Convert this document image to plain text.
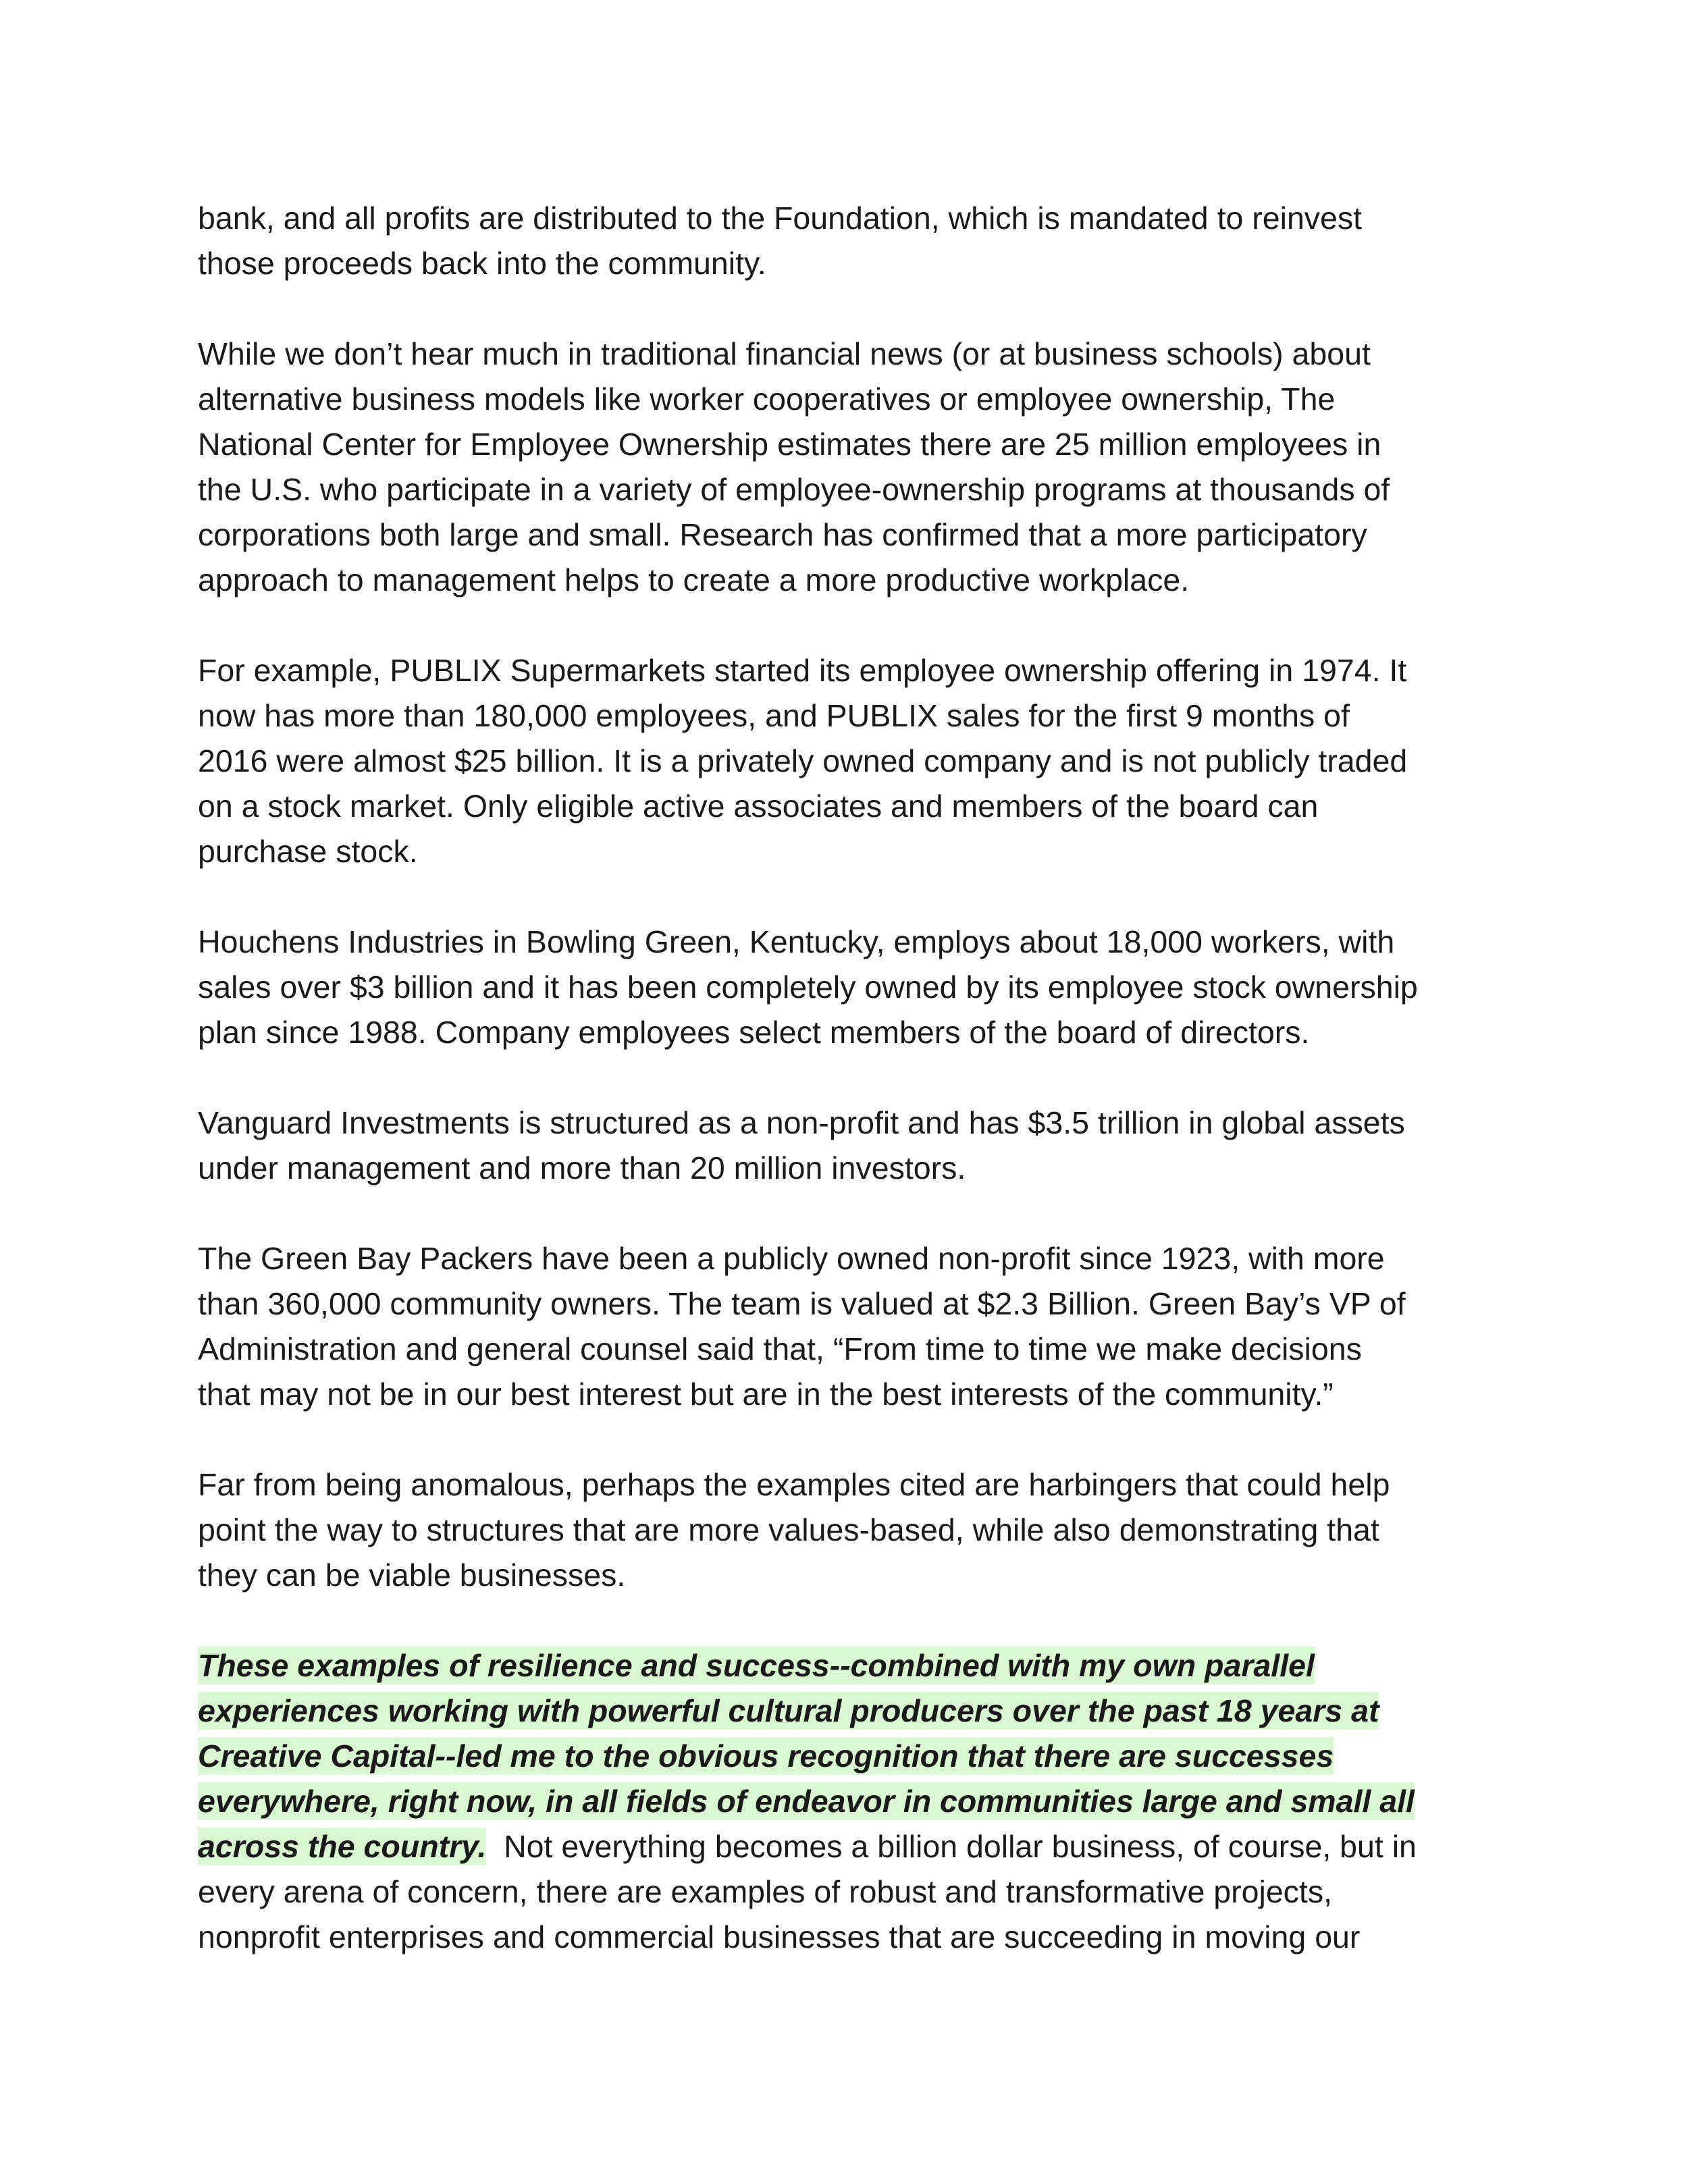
bank, and all profits are distributed to the Foundation, which is mandated to reinvest
those proceeds back into the community.
While we don’t hear much in traditional financial news (or at business schools) about
alternative business models like worker cooperatives or employee ownership, The
National Center for Employee Ownership estimates there are 25 million employees in
the U.S. who participate in a variety of employee-ownership programs at thousands of
corporations both large and small. Research has confirmed that a more participatory
approach to management helps to create a more productive workplace.
For example, PUBLIX Supermarkets started its employee ownership offering in 1974. It
now has more than 180,000 employees, and PUBLIX sales for the first 9 months of
2016 were almost $25 billion. It is a privately owned company and is not publicly traded
on a stock market. Only eligible active associates and members of the board can
purchase stock.
Houchens Industries in Bowling Green, Kentucky, employs about 18,000 workers, with
sales over $3 billion and it has been completely owned by its employee stock ownership
plan since 1988. Company employees select members of the board of directors.
Vanguard Investments is structured as a non-profit and has $3.5 trillion in global assets
under management and more than 20 million investors.
The Green Bay Packers have been a publicly owned non-profit since 1923, with more
than 360,000 community owners. The team is valued at $2.3 Billion. Green Bay’s VP of
Administration and general counsel said that, “From time to time we make decisions
that may not be in our best interest but are in the best interests of the community.”
Far from being anomalous, perhaps the examples cited are harbingers that could help
point the way to structures that are more values-based, while also demonstrating that
they can be viable businesses.
These examples of resilience and success--combined with my own parallel
experiences working with powerful cultural producers over the past 18 years at
Creative Capital--led me to the obvious recognition that there are successes
everywhere, right now, in all fields of endeavor in communities large and small all
across the country.  Not everything becomes a billion dollar business, of course, but in
every arena of concern, there are examples of robust and transformative projects,
nonprofit enterprises and commercial businesses that are succeeding in moving our
